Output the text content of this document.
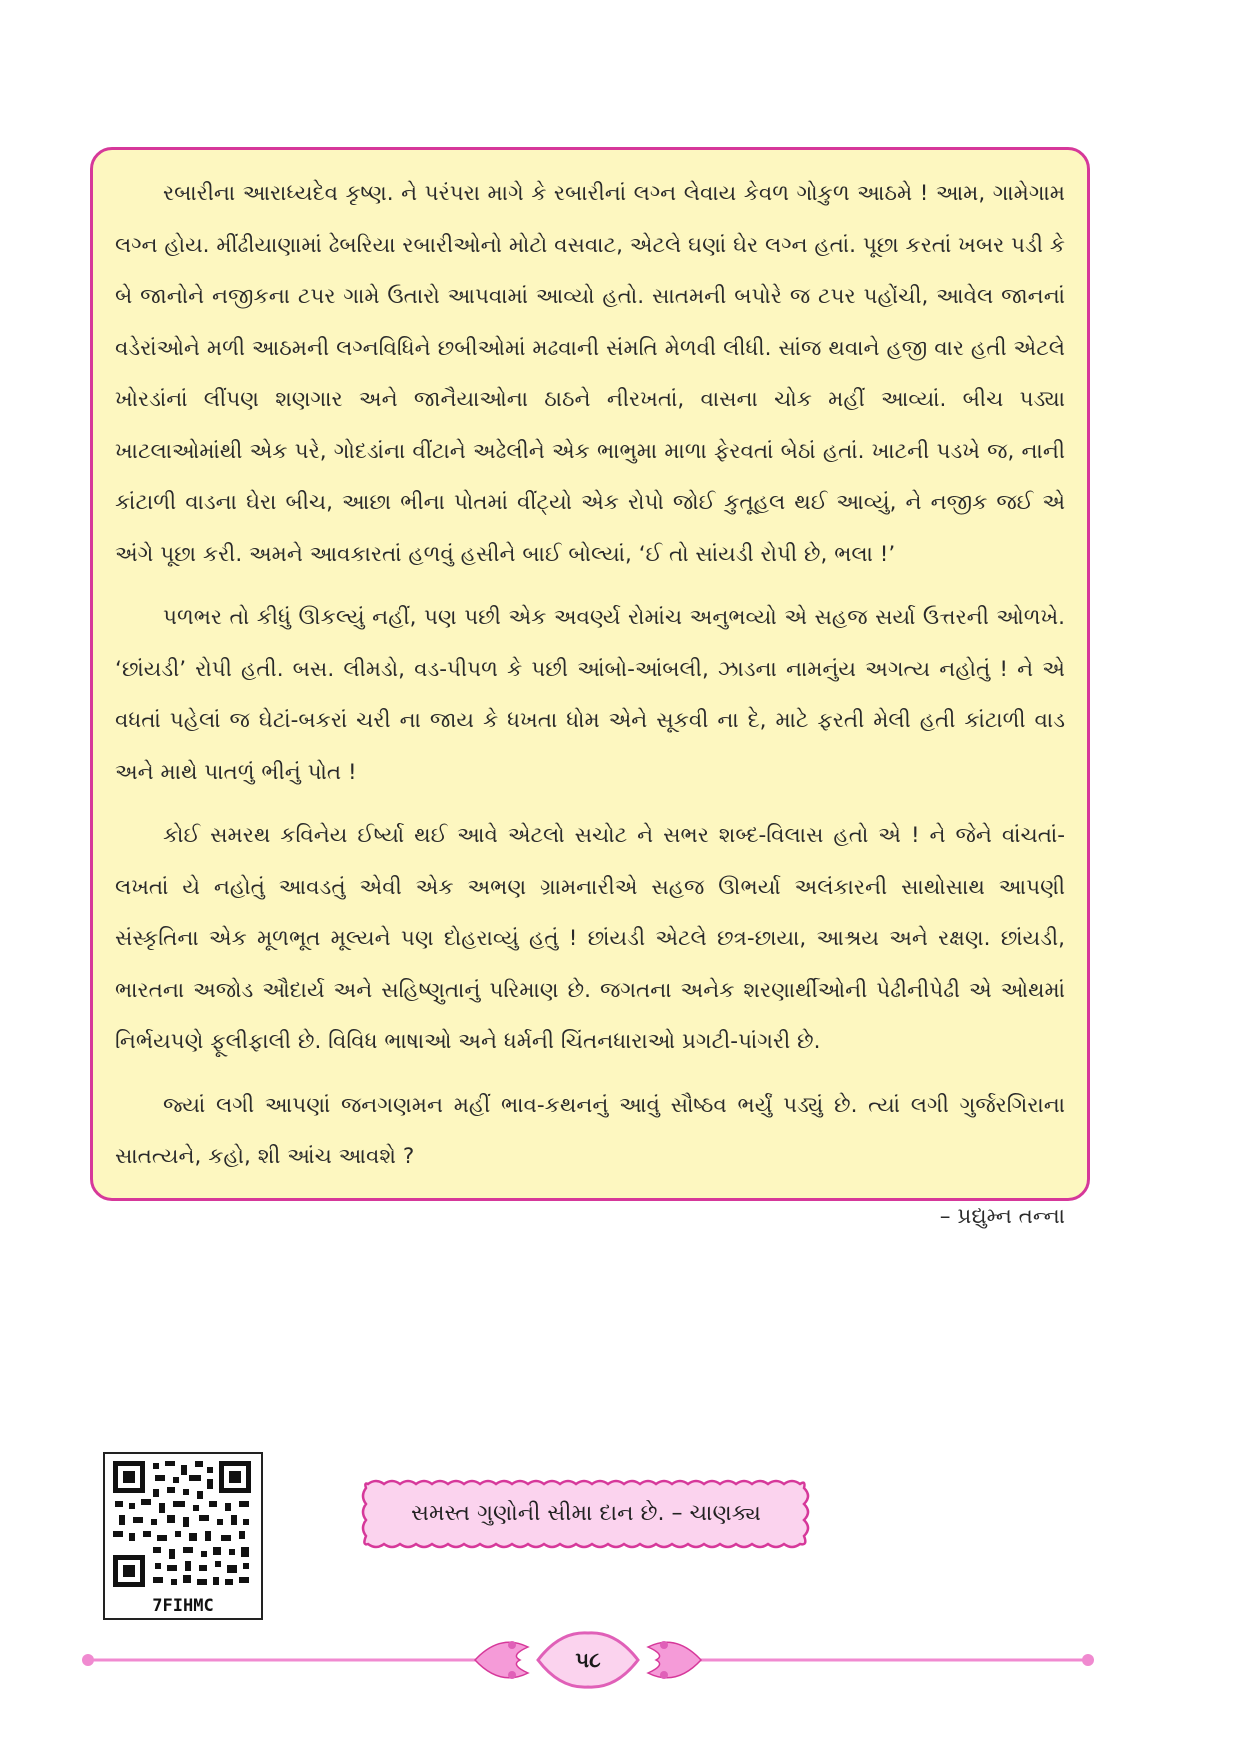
રબારીના આરાધ્યદેવ કૃષ્ણ. ને પરંપરા માગે કે રબારીનાં લગ્ન લેવાય કેવળ ગોકુળ આઠમે ! આમ, ગામેગામ લગ્ન હોય. મીંઢીયાણામાં ઢેબરિયા રબારીઓનો મોટો વસવાટ, એટલે ઘણાં ઘેર લગ્ન હતાં. પૂછા કરતાં ખબર પડી કે બે જાનોને નજીકના ટપર ગામે ઉતારો આપવામાં આવ્યો હતો. સાતમની બપોરે જ ટપર પહોંચી, આવેલ જાનનાં વડેરાંઓને મળી આઠમની લગ્નવિધિને છબીઓમાં મઢવાની સંમતિ મેળવી લીધી. સાંજ થવાને હજી વાર હતી એટલે ખોરડાંનાં લીંપણ શણગાર અને જાનૈયાઓના ઠાઠને નીરખતાં, વાસના ચોક મહીં આવ્યાં. બીચ પડ્યા ખાટલાઓમાંથી એક પરે, ગોદડાંના વીંટાને અઢેલીને એક ભાભુમા માળા ફેરવતાં બેઠાં હતાં. ખાટની પડખે જ, નાની કાંટાળી વાડના ઘેરા બીચ, આછા ભીના પોતમાં વીંટ્યો એક રોપો જોઈ કુતૂહલ થઈ આવ્યું, ને નજીક જઈ એ અંગે પૂછા કરી. અમને આવકારતાં હળવું હસીને બાઈ બોલ્યાં, ‘ઈ તો સાંયડી રોપી છે, ભલા !’

પળભર તો કીધું ઊકલ્યું નહીં, પણ પછી એક અવર્ણ્ય રોમાંચ અનુભવ્યો એ સહજ સર્યા ઉત્તરની ઓળખે. ‘છાંયડી’ રોપી હતી. બસ. લીમડો, વડ-પીપળ કે પછી આંબો-આંબલી, ઝાડના નામનુંય અગત્ય નહોતું ! ને એ વધતાં પહેલાં જ ઘેટાં-બકરાં ચરી ના જાય કે ધખતા ધોમ એને સૂકવી ના દે, માટે ફરતી મેલી હતી કાંટાળી વાડ અને માથે પાતળું ભીનું પોત !

કોઈ સમરથ કવિનેય ઈર્ષ્યા થઈ આવે એટલો સચોટ ને સભર શબ્દ-વિલાસ હતો એ ! ને જેને વાંચતાં-લખતાં યે નહોતું આવડતું એવી એક અભણ ગ્રામનારીએ સહજ ઊભર્યા અલંકારની સાથોસાથ આપણી સંસ્કૃતિના એક મૂળભૂત મૂલ્યને પણ દોહરાવ્યું હતું ! છાંયડી એટલે છત્ર-છાયા, આશ્રય અને રક્ષણ. છાંયડી, ભારતના અજોડ ઔદાર્ય અને સહિષ્ણુતાનું પરિમાણ છે. જગતના અનેક શરણાર્થીઓની પેઢીનીપેઢી એ ઓથમાં નિર્ભયપણે ફૂલીફાલી છે. વિવિધ ભાષાઓ અને ધર્મની ચિંતનધારાઓ પ્રગટી-પાંગરી છે.

જ્યાં લગી આપણાં જનગણમન મહીં ભાવ-કથનનું આવું સૌષ્ઠવ ભર્યું પડ્યું છે. ત્યાં લગી ગુર્જરગિરાના સાતત્યને, કહો, શી આંચ આવશે ?

– પ્રદ્યુમ્ન તન્ના
7FIHMC
સમસ્ત ગુણોની સીમા દાન છે. – ચાણક્ય
૫૮
